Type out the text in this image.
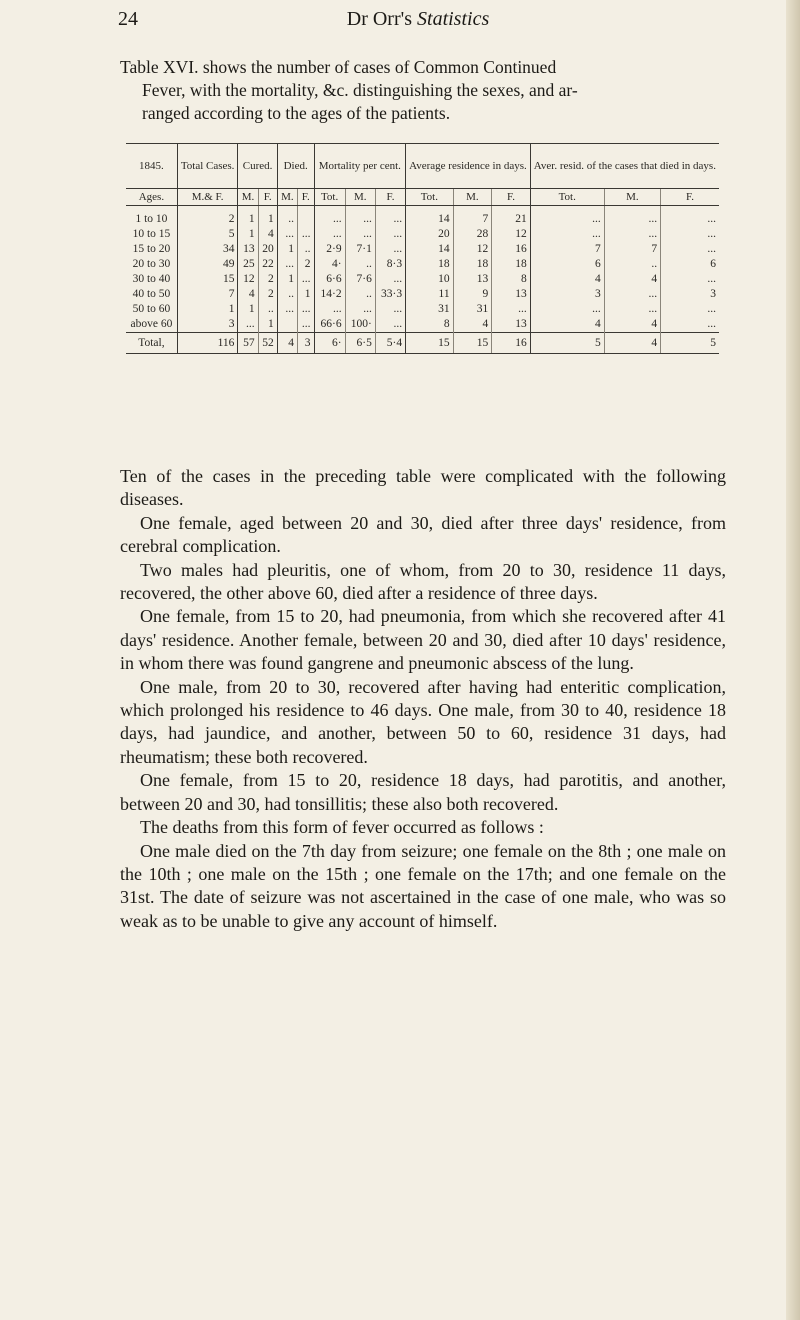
24	Dr Orr's Statistics

Table XVI. shows the number of cases of Common Continued

Fever, with the mortality, &c. distinguishing the sexes, and ar-

ranged according to the ages of the patients.

1845.	Total Cases.	Cured.		Died.		Mortality per cent.			Average residence in days.			Aver. resid. of the cases that died in days.		
Ages.	M.& F.	M.	F.	M.	F.	Tot.	M.	F.	Tot.	M.	F.	Tot.	M.	F.
1 to 10	2	1	1	..		...	...	...	14	7	21	...	...	...
10 to 15	5	1	4	...	...	...	...	...	20	28	12	...	...	...
15 to 20	34	13	20	1	..	2·9	7·1	...	14	12	16	7	7	...
20 to 30	49	25	22	...	2	4·	..	8·3	18	18	18	6	..	6
30 to 40	15	12	2	1	...	6·6	7·6	...	10	13	8	4	4	...
40 to 50	7	4	2	..	1	14·2	..	33·3	11	9	13	3	...	3
50 to 60	1	1	..	...	...	...	...	...	31	31	...	...	...	...
above 60	3	...	1		...	66·6	100·	...	8	4	13	4	4	...
Total,	116	57	52	4	3	6·	6·5	5·4	15	15	16	5	4	5

Ten of the cases in the preceding table were complicated with the following diseases.

One female, aged between 20 and 30, died after three days' residence, from cerebral complication.

Two males had pleuritis, one of whom, from 20 to 30, residence 11 days, recovered, the other above 60, died after a residence of three days.

One female, from 15 to 20, had pneumonia, from which she recovered after 41 days' residence. Another female, between 20 and 30, died after 10 days' residence, in whom there was found gangrene and pneumonic abscess of the lung.

One male, from 20 to 30, recovered after having had enteritic complication, which prolonged his residence to 46 days. One male, from 30 to 40, residence 18 days, had jaundice, and another, between 50 to 60, residence 31 days, had rheumatism; these both recovered.

One female, from 15 to 20, residence 18 days, had parotitis, and another, between 20 and 30, had tonsillitis; these also both recovered.

The deaths from this form of fever occurred as follows :

One male died on the 7th day from seizure; one female on the 8th ; one male on the 10th ; one male on the 15th ; one female on the 17th; and one female on the 31st. The date of seizure was not ascertained in the case of one male, who was so weak as to be unable to give any account of himself.
